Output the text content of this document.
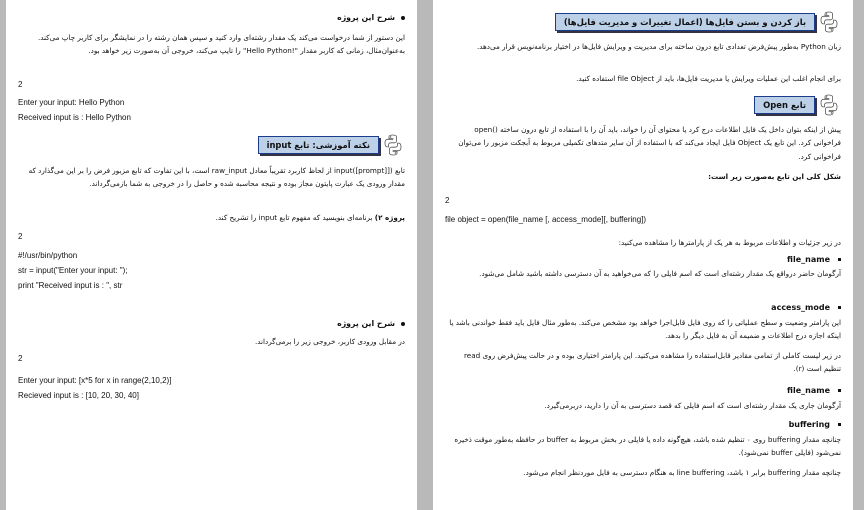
شرح این پروژه
این دستور از شما درخواست می‌کند یک مقدار رشته‌ای وارد کنید و سپس همان رشته را در نمایشگر برای کاربر چاپ می‌کند. به‌عنوان‌مثال، زمانی که کاربر مقدار "!Hello Python" را تایپ می‌کند، خروجی آن به‌صورت زیر خواهد بود.
2
Enter your input: Hello Python
Received input is : Hello Python
نکته آموزشی: تابع input
تابع ([input([prompt] از لحاظ کاربرد تقریباً معادل raw_input است، با این تفاوت که تابع مزبور فرض را بر این می‌گذارد که مقدار ورودی یک عبارت پایتون مجاز بوده و نتیجه محاسبه شده و حاصل را در خروجی به شما بازمی‌گرداند.
پروژه ۲) برنامه‌ای بنویسید که مفهوم تابع input را تشریح کند.
2
#!/usr/bin/python
str = input("Enter your input: ");
print "Received input is : ", str
شرح این پروژه
در مقابل ورودی کاربر، خروجی زیر را برمی‌گرداند.
2
Enter your input: [x*5 for x in range(2,10,2)]
Recieved input is : [10, 20, 30, 40]
باز کردن و بستن فایل‌ها (اعمال تغییرات و مدیریت فایل‌ها)
زبان Python به‌طور پیش‌فرض تعدادی تابع درون ساخته برای مدیریت و ویرایش فایل‌ها در اختیار برنامه‌نویس قرار می‌دهد.
برای انجام اغلب این عملیات ویرایش یا مدیریت فایل‌ها، باید از file Object استفاده کنید.
تابع Open
پیش از اینکه بتوان داخل یک فایل اطلاعات درج کرد یا محتوای آن را خواند، باید آن را با استفاده از تابع درون ساخته ()open فراخوانی کرد. این تابع یک Object فایل ایجاد می‌کند که با استفاده از آن سایر متدهای تکمیلی مربوط به آبجکت مزبور را می‌توان فراخوانی کرد.
شکل کلی این تابع به‌صورت زیر است:
2
file object = open(file_name [, access_mode][, buffering])
در زیر جزئیات و اطلاعات مربوط به هر یک از پارامترها را مشاهده می‌کنید:
file_name
آرگومان حاضر درواقع یک مقدار رشته‌ای است که اسم فایلی را که می‌خواهید به آن دسترسی داشته باشید شامل می‌شود.
access_mode
این پارامتر وضعیت و سطح عملیاتی را که روی فایل قابل‌اجرا خواهد بود مشخص می‌کند. به‌طور مثال فایل باید فقط خواندنی باشد یا اینکه اجازه درج اطلاعات و ضمیمه آن به فایل دیگر را بدهد.
در زیر لیست کاملی از تمامی مقادیر قابل‌استفاده را مشاهده می‌کنید. این پارامتر اختیاری بوده و در حالت پیش‌فرض روی read تنظیم است (r).
file_name
آرگومان جاری یک مقدار رشته‌ای است که اسم فایلی که قصد دسترسی به آن را دارید، دربرمی‌گیرد.
buffering
چنانچه مقدار buffering روی ۰ تنظیم شده باشد، هیچ‌گونه داده یا فایلی در بخش مربوط به buffer در حافظه به‌طور موقت ذخیره نمی‌شود (فایلی buffer نمی‌شود).
چنانچه مقدار buffering برابر ۱ باشد، line buffering به هنگام دسترسی به فایل موردنظر انجام می‌شود.
